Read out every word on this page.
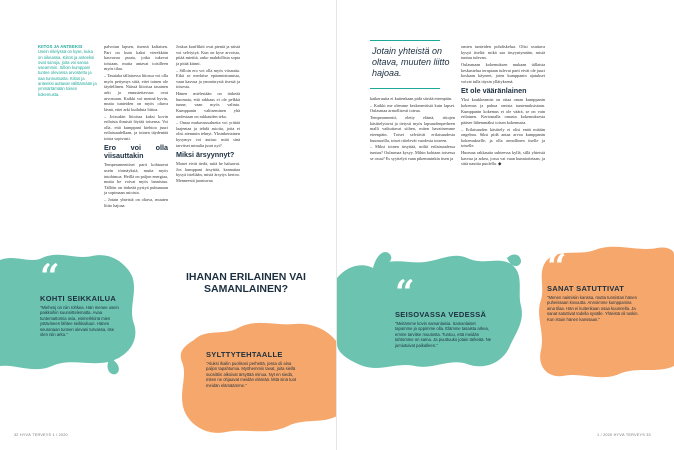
KIITOS JA ANTEEKSI
Usein riitelyssä on kyse, kuka on oikeassa. Kiitos ja anteeksi ovat sanoja, joita voi sanoa useammin. Silloin kumppani tuntee olevansa arvostettu ja saa tunnustusta. Kiitos ja anteeksi auttavat välittämään ja ymmärtämään toisen kokemusta.

palvotun lapsen, itsensä kaltaisen. Pari on kuin kaksi vierekkäin kasvavaa puuta, jotka tukevat toisiaan, mutta antavat toisilleen myös tilaa.

– Tasataka tällaisessa liitossa voi olla myös pettymys siitä, ettei toinen ole täydellinen. Näissä liitoissa tasainen arki ja ennustettavuus ovat arvossaan. Kaikki voi mennä hyvin, mutta tunteiden on myös oltava läsnä, ettei arki kuihduta liittoa.

– Joissakin liitoissa kaksi kovin erilaista ihmistä löytää toisensa. Voi olla, että kumppani kiehtoo juuri erilaisuudellaan, ja toinen täydentää toista sopivasti.

Ero voi olla viisauttakin

Temperamenttiset parit kohtaavat usein törmäyksiä, mutta myös intohimoa. Heillä on paljon energiaa, mutta he voivat myös lannistua. Tällöin on tärkeää pystyä puhumaan ja sopimaan asioista.

– Jotain yhteistä on oltava, muuten liitto hajoaa.

Joskus konfliktit ovat pieniä ja niistä voi selviytyä. Kun on kyse arvoista, pitää miettiä, onko mahdollista sopia ja pitää kiinni.

– Silloin ero voi olla myös viisautta. Eikä se merkitse epäonnistumista, vaan kasvua ja ymmärrystä itsestä ja toisesta.

Hänen mielestään on tärkeää huomata, että rakkaus ei ole pelkkä tunne, vaan myös valinta. Kumppanin valitseminen yhä uudestaan on rakkauden teko.

– Omaa mukavuusaluetta voi yrittää laajentaa ja tehdä asioita, joita ei olisi aiemmin tehnyt. Yksinkertainen kysymys voi auttaa: mitä sinä tarvitset minulta juuri nyt?

Miksi ärsyynnyt?

Monet eivät tiedä, mitä he haluavat. Jos kumppani ärsyttää, kannattaa kysyä itseltään, mistä ärsytys kertoo. Menneestä juontuvaa

“
KOHTI SEIKKAILUA
"Miehenj on niin rohkea. Hän menee usein paikkoihin suunnittelematta. Avaa tuntemattomia ovia, esimerkkinä mies ystävineen lähtee seikkailuun. Hänen seuranaan tunnen olevani turvassa, itse olen niin arka."
IHANAN ERILAINEN VAI SAMANLAINEN?
“
SYLTTYTEHTAALLE
"Aluksi ihailin puolisoni perhettä, jossa oli aina paljon tapahtumia. Myöhemmin tavat, joita siellä suosittiin alkoivat ärsyttää minua. Nyt en siedä, miten ne ohjaavat meidän elämää. Mitä sinä tuot meidän elämäämme."
32 HYVÄ TERVEYS 1 / 2020
Jotain yhteistä on oltava, muuten liitto hajoaa.

katkeruutta ei kuitenkaan pidä siirtää eteenpäin.

– Kaikki me olemme keskeneräisiä kuin lapset. Oulasmaa armollisesti toteaa.

Temperamentti, eletty elämä, riitojen käsittelytavat ja tietysti myös lapsuudenperheen malli vaikuttavat siihen, miten havaitsemme eteenpäin. Toiset selviävät erilaisuudesta huumorilla, toiset riitelevät vuodesta toiseen.

– Miksi toinen ärsyttää, miltä erilaisuudessa tuntuu? Oulasmaa kysyy. Mihin kohtaan toisessa se osuu? Es syyttelyä vaan pikemminkin itsen ja

omien tunteiden pohdiskelua. Olisi osattava kysyä itseltä: mikä saa ärsyyntymään, mistä tuntuu tulevan.

Oulasmaan kokemuksen mukaan tällaista keskustelua terapiaan tulevat parit eivät ole juuri koskaan käyneet, joten kumppanin ajatukset voivat tulla täysin yllätyksenä.

Et ole vääränlainen

Yksi koukkeamist on ottaa oman kumppanin kokemus ja puhua omista tuntemuksistaan. Kumppanin kokemus ei ole väärä, se on vain erilainen. Kertomalla omasta kokemuksesta pääsee lähemmäksi toisen kokemusta.

– Erilaisuuden käsittely ei olisi enää mitään ongelma. Siksi pidä antaa arvoa kumppanin kokemukselle, ja olla armollinen itselle ja toiselle.

Huomaa rakkautta suhteessa kyllä, sillä yhteistä kasvua ja arkea, jossa vai vaan kunnioitetaan, ja siitä nauttia puolella. ◆

“
SEISOVASSA VEDESSÄ
"Meitämme kovin samanlaisia. Samanlaiset tapamme ja oppimme olla. Elämme tasaista arkea, emme tarvitse muutosta. Tuntuu, että meidän tahtomme on sama. Ja puuttuuko jotain tärkeää. Ne jumiutuivat paikalleen."
“
SANAT SATUTTIVAT
"Menen naimisiin kanssa, mutta tunnistan hänen puheissaan kovuutta. Annoimme kumppanina aina tilaa. Hän ei kuitenkaan osaa kuunnella. Ja sanat satuttivat todella syvälle. Yhteistä oli tuskin. Kun istuin hänen kanssaan."
1 / 2020 HYVÄ TERVEYS 33
